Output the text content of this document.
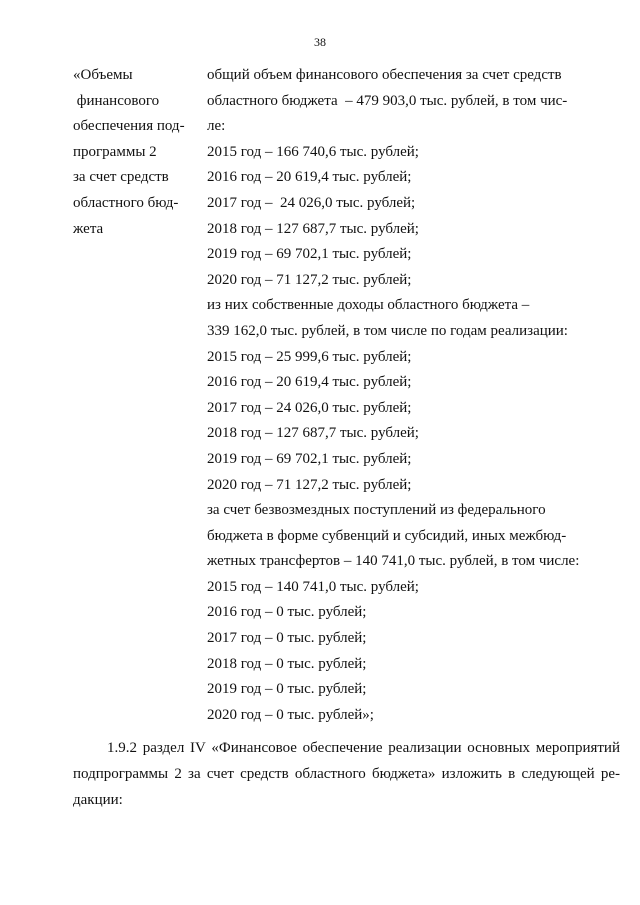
38
«Объемы
финансового
обеспечения под-
программы 2
за счет средств
областного бюд-
жета
общий объем финансового обеспечения за счет средств
областного бюджета  – 479 903,0 тыс. рублей, в том чис-
ле:
2015 год – 166 740,6 тыс. рублей;
2016 год – 20 619,4 тыс. рублей;
2017 год –  24 026,0 тыс. рублей;
2018 год – 127 687,7 тыс. рублей;
2019 год – 69 702,1 тыс. рублей;
2020 год – 71 127,2 тыс. рублей;
из них собственные доходы областного бюджета –
339 162,0 тыс. рублей, в том числе по годам реализации:
2015 год – 25 999,6 тыс. рублей;
2016 год – 20 619,4 тыс. рублей;
2017 год – 24 026,0 тыс. рублей;
2018 год – 127 687,7 тыс. рублей;
2019 год – 69 702,1 тыс. рублей;
2020 год – 71 127,2 тыс. рублей;
за счет безвозмездных поступлений из федерального
бюджета в форме субвенций и субсидий, иных межбюд-
жетных трансфертов – 140 741,0 тыс. рублей, в том числе:
2015 год – 140 741,0 тыс. рублей;
2016 год – 0 тыс. рублей;
2017 год – 0 тыс. рублей;
2018 год – 0 тыс. рублей;
2019 год – 0 тыс. рублей;
2020 год – 0 тыс. рублей»;
1.9.2 раздел IV «Финансовое обеспечение реализации основных мероприятий
подпрограммы 2 за счет средств областного бюджета» изложить в следующей ре-
дакции:
